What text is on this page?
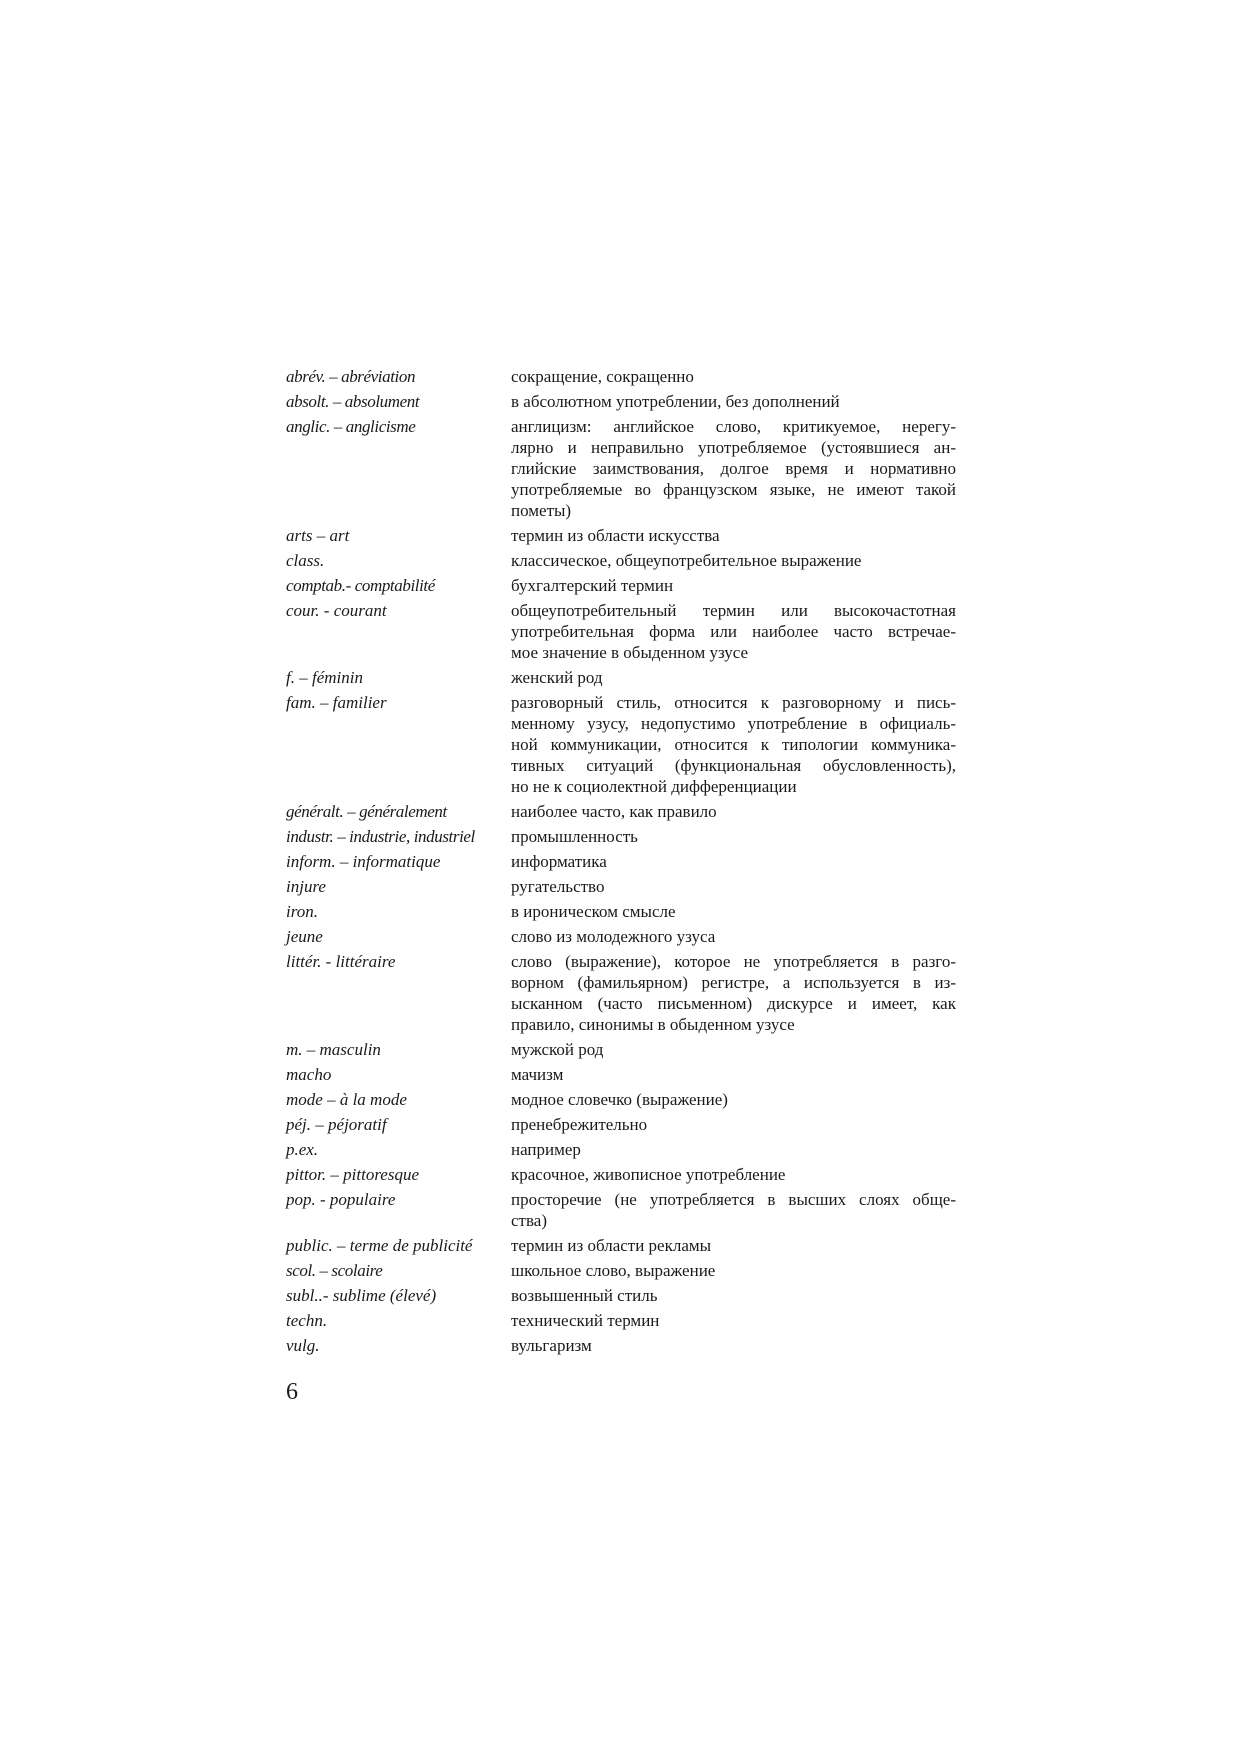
abrév. – abréviation	сокращение, сокращенно
absolt. – absolument	в абсолютном употреблении, без дополнений
anglic. – anglicisme	англицизм: английское слово, критикуемое, нерегу-
лярно и неправильно употребляемое (устоявшиеся ан-
глийские заимствования, долгое время и нормативно
употребляемые во французском языке, не имеют такой
пометы)
arts – art	термин из области искусства
class.	классическое, общеупотребительное выражение
comptab.- comptabilité	бухгалтерский термин
cour. - courant	общеупотребительный термин или высокочастотная
употребительная форма или наиболее часто встречае-
мое значение в обыденном узусе
f. – féminin	женский род
fam. – familier	разговорный стиль, относится к разговорному и пись-
менному узусу, недопустимо употребление в официаль-
ной коммуникации, относится к типологии коммуника-
тивных ситуаций (функциональная обусловленность),
но не к социолектной дифференциации
généralt. – généralement	наиболее часто, как правило
industr. – industrie, industriel	промышленность
inform. – informatique	информатика
injure	ругательство
iron.	в ироническом смысле
jeune	слово из молодежного узуса
littér. - littéraire	слово (выражение), которое не употребляется в разго-
ворном (фамильярном) регистре, а используется в из-
ысканном (часто письменном) дискурсе и имеет, как
правило, синонимы в обыденном узусе
m. – masculin	мужской род
macho	мачизм
mode – à la mode	модное словечко (выражение)
péj. – péjoratif	пренебрежительно
p.ex.	например
pittor. – pittoresque	красочное, живописное употребление
pop. - populaire	просторечие (не употребляется в высших слоях обще-
ства)
public. – terme de publicité	термин из области рекламы
scol. – scolaire	школьное слово, выражение
subl..- sublime (élevé)	возвышенный стиль
techn.	технический термин
vulg.	вульгаризм
6
